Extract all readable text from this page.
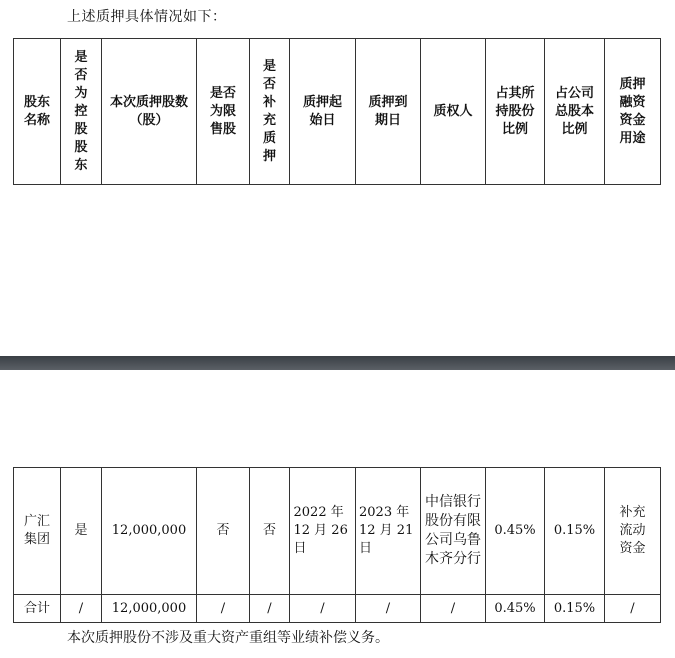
上述质押具体情况如下：
股东名称	是否为控股股东	本次质押股数（股）	是否为限售股	是否补充质押	质押起始日	质押到期日	质权人	占其所持股份比例	占公司总股本比例	质押融资资金用途
广汇集团	是	12,000,000	否	否	2022 年 12 月 26 日	2023 年 12 月 21 日	中信银行股份有限公司乌鲁木齐分行	0.45%	0.15%	补充流动资金
合计	/	12,000,000	/	/	/	/	/	0.45%	0.15%	/
本次质押股份不涉及重大资产重组等业绩补偿义务。
